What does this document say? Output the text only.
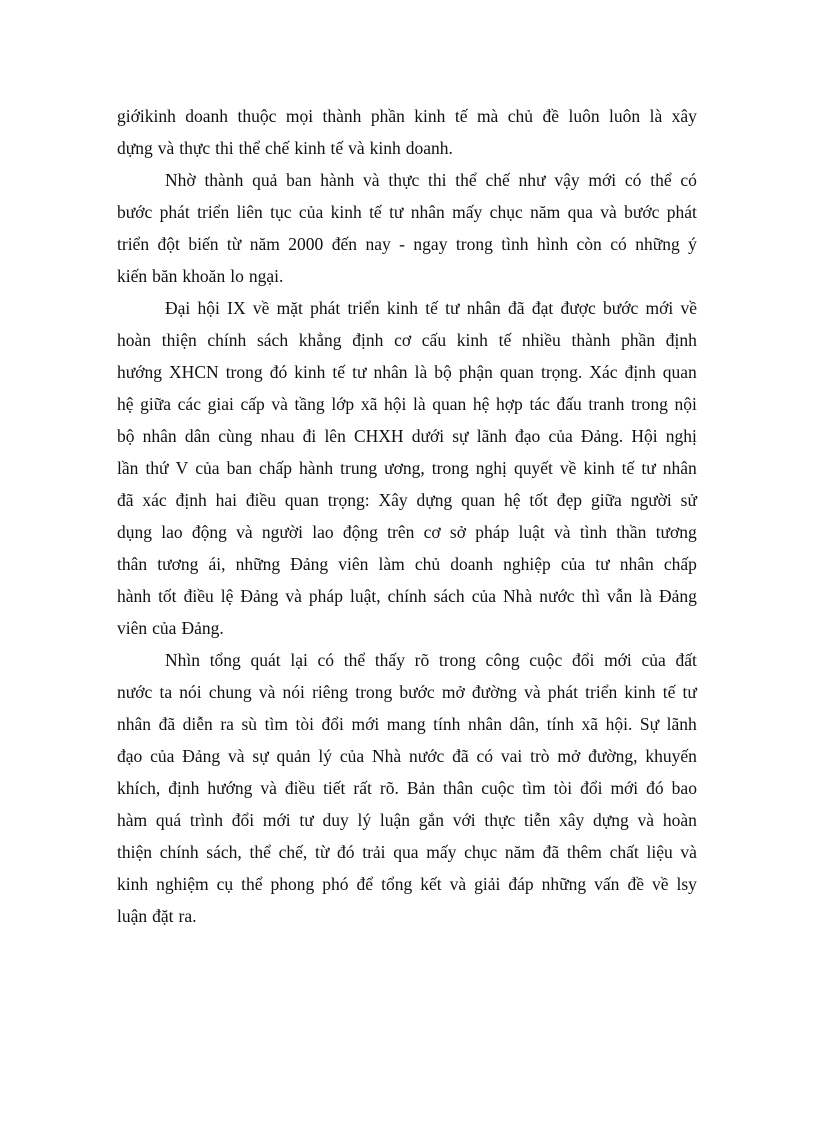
giớikinh doanh thuộc mọi thành phần kinh tế mà chủ đề luôn luôn là xây
dựng và thực thi thể chế kinh tế và kinh doanh.
Nhờ thành quả ban hành và thực thi thể chế như vậy mới có thể có
bước phát triển liên tục của kinh tế tư nhân mấy chục năm qua và bước phát
triển đột biến từ năm 2000 đến nay - ngay trong tình hình còn có những ý
kiến băn khoăn lo ngại.
Đại hội IX về mặt phát triển kinh tế tư nhân đã đạt được bước mới về
hoàn thiện chính sách khẳng định cơ cấu kinh tế nhiều thành phần định
hướng XHCN trong đó kinh tế tư nhân là bộ phận quan trọng. Xác định quan
hệ giữa các giai cấp và tầng lớp xã hội là quan hệ hợp tác đấu tranh trong nội
bộ nhân dân cùng nhau đi lên CHXH dưới sự lãnh đạo của Đảng. Hội nghị
lần thứ V của ban chấp hành trung ương, trong nghị quyết về kinh tế tư nhân
đã xác định hai điều quan trọng: Xây dựng quan hệ tốt đẹp giữa người sử
dụng lao động và người lao động trên cơ sở pháp luật và tình thần tương
thân tương ái, những Đảng viên làm chủ doanh nghiệp của tư nhân chấp
hành tốt điều lệ Đảng và pháp luật, chính sách của Nhà nước thì vẫn là Đảng
viên của Đảng.
Nhìn tổng quát lại có thể thấy rõ trong công cuộc đổi mới của đất
nước ta nói chung và nói riêng trong bước mở đường và phát triển kinh tế tư
nhân đã diễn ra sù tìm tòi đổi mới mang tính nhân dân, tính xã hội. Sự lãnh
đạo của Đảng và sự quản lý của Nhà nước đã có vai trò mở đường, khuyến
khích, định hướng và điều tiết rất rõ. Bản thân cuộc tìm tòi đổi mới đó bao
hàm quá trình đổi mới tư duy lý luận gắn với thực tiễn xây dựng và hoàn
thiện chính sách, thể chế, từ đó trải qua mấy chục năm đã thêm chất liệu và
kinh nghiệm cụ thể phong phó để tổng kết và giải đáp những vấn đề về lsy
luận đặt ra.
